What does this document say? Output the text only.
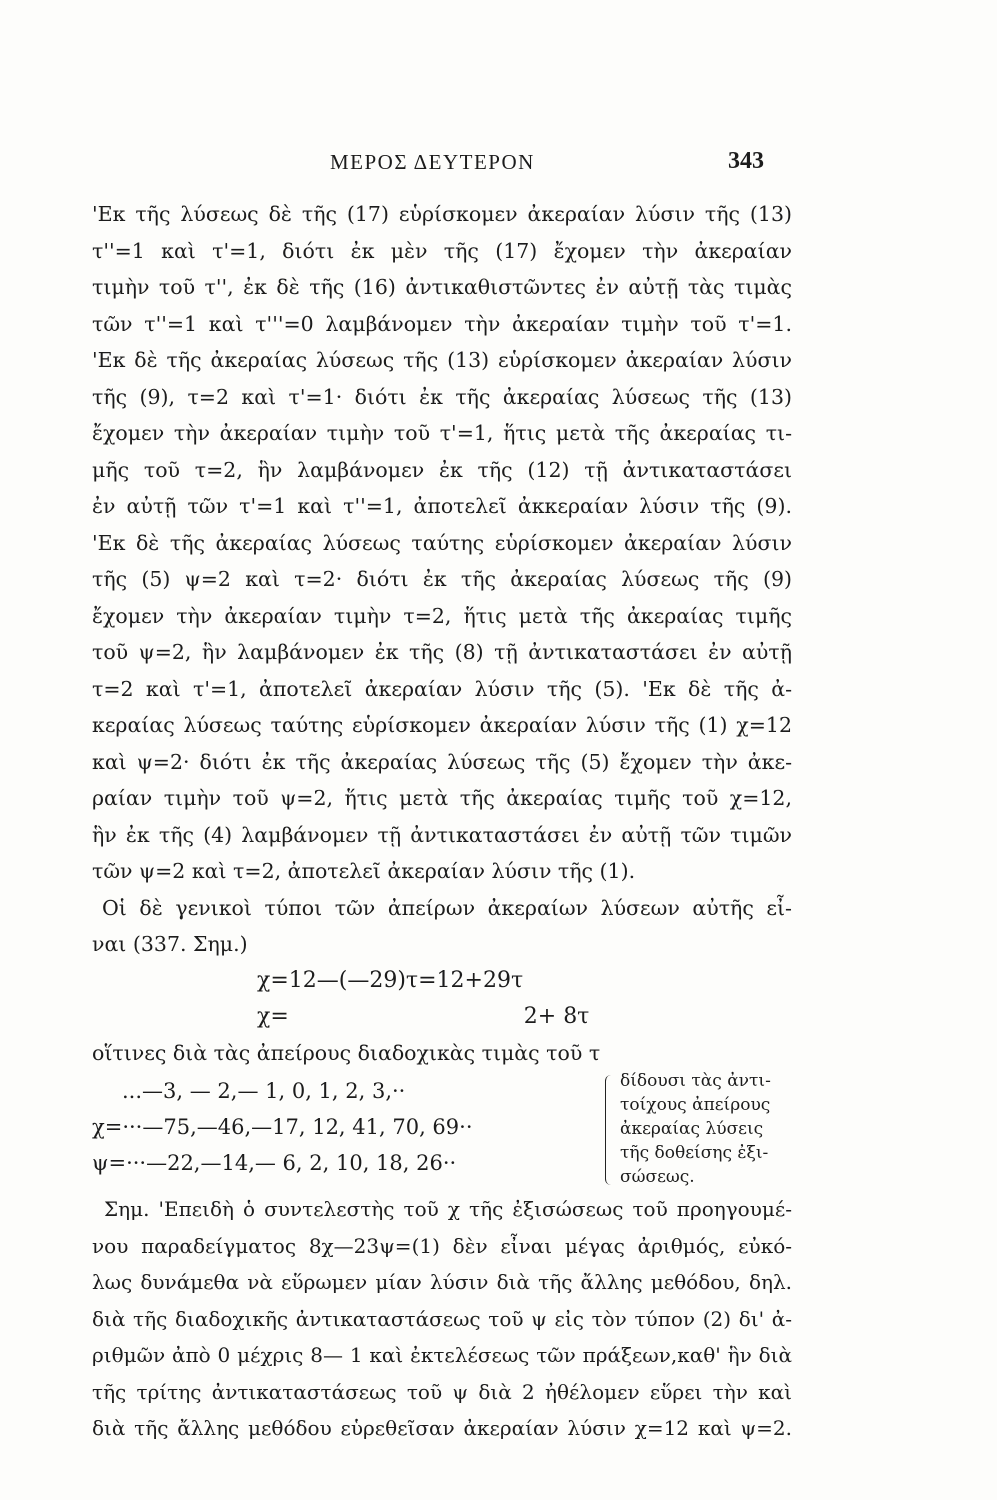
ΜΕΡΟΣ ΔΕΥΤΕΡΟΝ	343
'Εκ τῆς λύσεως δὲ τῆς (17) εὑρίσκομεν ἀκεραίαν λύσιν τῆς (13)
τ''=1 καὶ τ'=1, διότι ἐκ μὲν τῆς (17) ἔχομεν τὴν ἀκεραίαν
τιμὴν τοῦ τ'', ἐκ δὲ τῆς (16) ἀντικαθιστῶντες ἐν αὐτῇ τὰς τιμὰς
τῶν τ''=1 καὶ τ'''=0 λαμβάνομεν τὴν ἀκεραίαν τιμὴν τοῦ τ'=1.
'Εκ δὲ τῆς ἀκεραίας λύσεως τῆς (13) εὑρίσκομεν ἀκεραίαν λύσιν
τῆς (9), τ=2 καὶ τ'=1· διότι ἐκ τῆς ἀκεραίας λύσεως τῆς (13)
ἔχομεν τὴν ἀκεραίαν τιμὴν τοῦ τ'=1, ἥτις μετὰ τῆς ἀκεραίας τι-
μῆς τοῦ τ=2, ἣν λαμβάνομεν ἐκ τῆς (12) τῇ ἀντικαταστάσει
ἐν αὐτῇ τῶν τ'=1 καὶ τ''=1, ἀποτελεῖ ἀκκεραίαν λύσιν τῆς (9).
'Εκ δὲ τῆς ἀκεραίας λύσεως ταύτης εὑρίσκομεν ἀκεραίαν λύσιν
τῆς (5) ψ=2 καὶ τ=2· διότι ἐκ τῆς ἀκεραίας λύσεως τῆς (9)
ἔχομεν τὴν ἀκεραίαν τιμὴν τ=2, ἥτις μετὰ τῆς ἀκεραίας τιμῆς
τοῦ ψ=2, ἣν λαμβάνομεν ἐκ τῆς (8) τῇ ἀντικαταστάσει ἐν αὐτῇ
τ=2 καὶ τ'=1, ἀποτελεῖ ἀκεραίαν λύσιν τῆς (5). 'Εκ δὲ τῆς ἀ-
κεραίας λύσεως ταύτης εὑρίσκομεν ἀκεραίαν λύσιν τῆς (1) χ=12
καὶ ψ=2· διότι ἐκ τῆς ἀκεραίας λύσεως τῆς (5) ἔχομεν τὴν ἀκε-
ραίαν τιμὴν τοῦ ψ=2, ἥτις μετὰ τῆς ἀκεραίας τιμῆς τοῦ χ=12,
ἣν ἐκ τῆς (4) λαμβάνομεν τῇ ἀντικαταστάσει ἐν αὐτῇ τῶν τιμῶν
τῶν ψ=2 καὶ τ=2, ἀποτελεῖ ἀκεραίαν λύσιν τῆς (1).
Οἱ δὲ γενικοὶ τύποι τῶν ἀπείρων ἀκεραίων λύσεων αὐτῆς εἶ-
ναι (337. Σημ.)
χ=12—(—29)τ=12+29τ
χ=	2+ 8τ
οἵτινες διὰ τὰς ἀπείρους διαδοχικὰς τιμὰς τοῦ τ
...—3, — 2,— 1, 0, 1, 2, 3,··
χ=···—75,—46,—17, 12, 41, 70, 69··
ψ=···—22,—14,— 6, 2, 10, 18, 26··
δίδουσι τὰς ἀντι-
τοίχους ἀπείρους
ἀκεραίας λύσεις
τῆς δοθείσης ἐξι-
σώσεως.
Σημ. 'Επειδὴ ὁ συντελεστὴς τοῦ χ τῆς ἐξισώσεως τοῦ προηγουμέ-
νου παραδείγματος 8χ—23ψ=(1) δὲν εἶναι μέγας ἀριθμός, εὐκό-
λως δυνάμεθα νὰ εὕρωμεν μίαν λύσιν διὰ τῆς ἄλλης μεθόδου, δηλ.
διὰ τῆς διαδοχικῆς ἀντικαταστάσεως τοῦ ψ εἰς τὸν τύπον (2) δι' ἀ-
ριθμῶν ἀπὸ 0 μέχρις 8— 1 καὶ ἐκτελέσεως τῶν πράξεων,καθ' ἣν διὰ
τῆς τρίτης ἀντικαταστάσεως τοῦ ψ διὰ 2 ἠθέλομεν εὕρει τὴν καὶ
διὰ τῆς ἄλλης μεθόδου εὑρεθεῖσαν ἀκεραίαν λύσιν χ=12 καὶ ψ=2.
